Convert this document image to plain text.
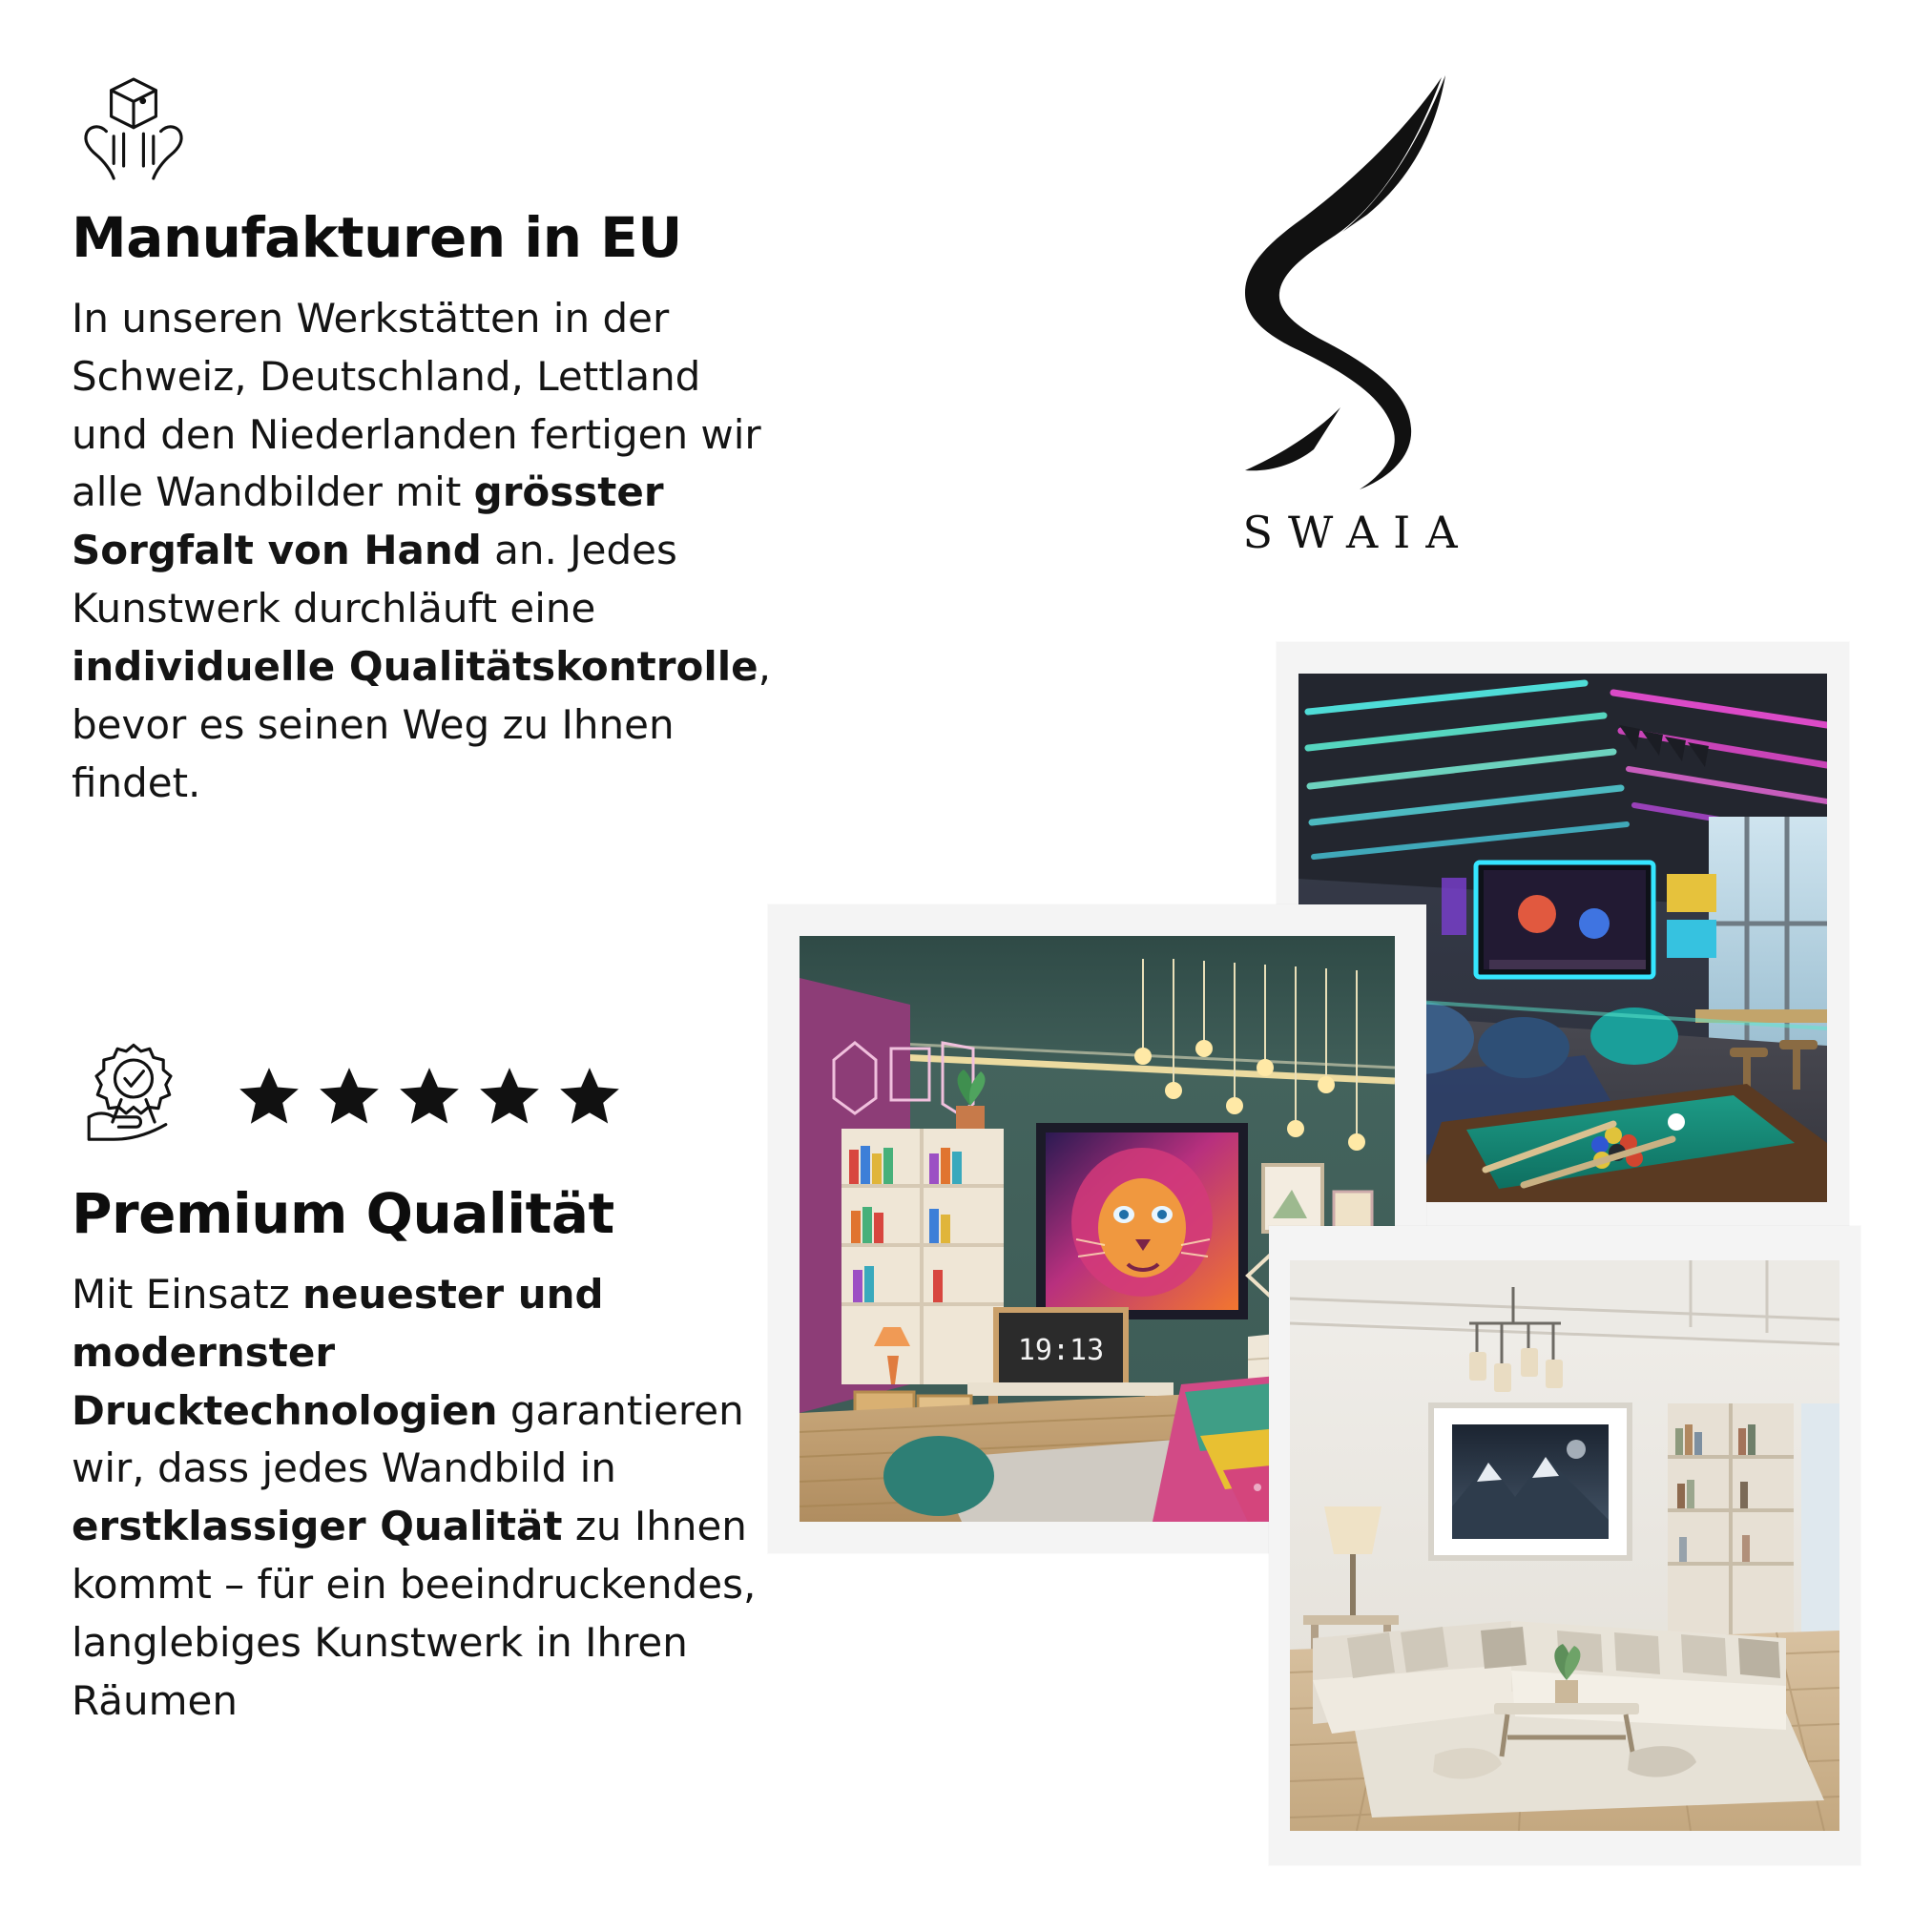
Manufakturen in EU
In unseren Werkstätten in der Schweiz, Deutschland, Lettland und den Niederlanden fertigen wir alle Wandbilder mit grösster Sorgfalt von Hand an. Jedes Kunstwerk durchläuft eine individuelle Qualitätskontrolle, bevor es seinen Weg zu Ihnen findet.
Premium Qualität
Mit Einsatz neuester und modernster Drucktechnologien garantieren wir, dass jedes Wandbild in erstklassiger Qualität zu Ihnen kommt – für ein beeindruckendes, langlebiges Kunstwerk in Ihren Räumen
SWAIA
19:13
